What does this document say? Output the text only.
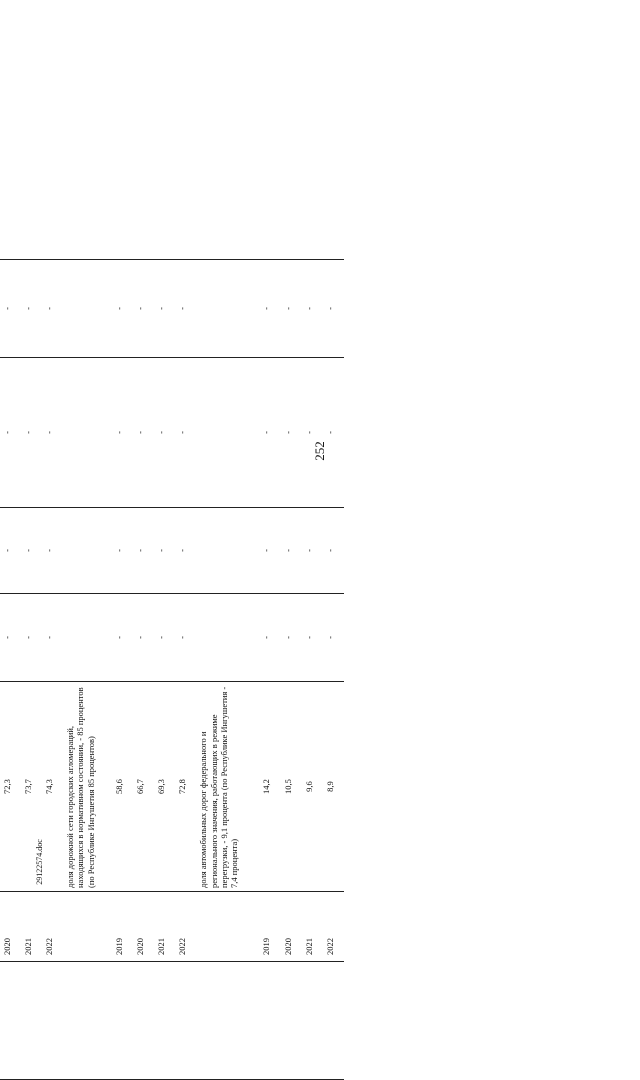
252
29122574.doc

	2020	72,3	-	-	-	-
	2021	73,7	-	-	-	-
	2022	74,3	-	-	-	-
		доля дорожной сети городских агломераций, находящихся в нормативном состоянии, - 85 процентов (по Республике Ингушетия 85 процентов)				
	2019	58,6	-	-	-	-
	2020	66,7	-	-	-	-
	2021	69,3	-	-	-	-
	2022	72,8	-	-	-	-
		доля автомобильных дорог федерального и регионального значения, работающих в режиме перегрузки, - 9,1 процента (по Республике Ингушетия - 7,4 процента)				
	2019	14,2	-	-	-	-
	2020	10,5	-	-	-	-
	2021	9,6	-	-	-	-
	2022	8,9	-	-	-	-
